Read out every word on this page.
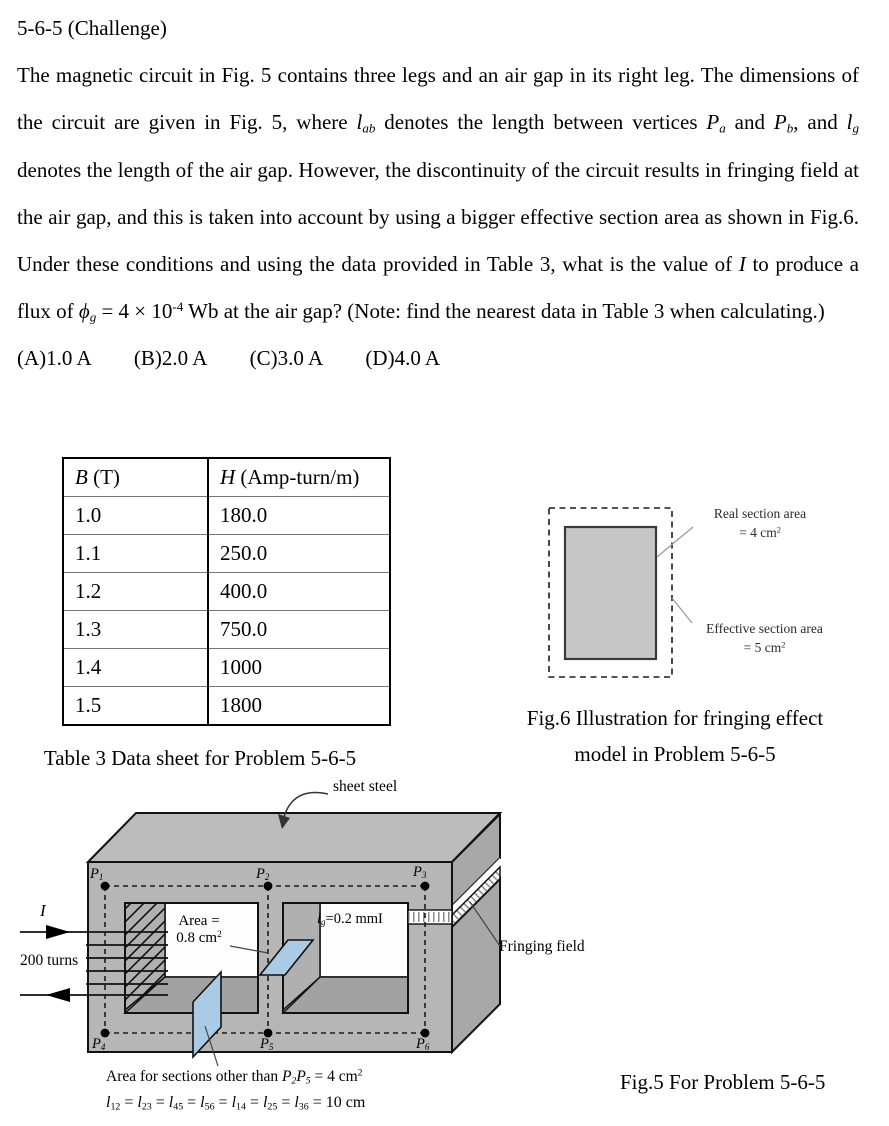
5-6-5 (Challenge)
The magnetic circuit in Fig. 5 contains three legs and an air gap in its right leg. The dimensions of the circuit are given in Fig. 5, where $l_{ab}$ denotes the length between vertices $P_a$ and $P_b$, and $l_g$ denotes the length of the air gap. However, the discontinuity of the circuit results in fringing field at the air gap, and this is taken into account by using a bigger effective section area as shown in Fig.6. Under these conditions and using the data provided in Table 3, what is the value of I to produce a flux of $\phi_g = 4 \times 10^{-4}$ Wb at the air gap? (Note: find the nearest data in Table 3 when calculating.)
(A)1.0 A (B)2.0 A (C)3.0 A (D)4.0 A
B (T)	H (Amp-turn/m)
1.0	180.0
1.1	250.0
1.2	400.0
1.3	750.0
1.4	1000
1.5	1800
Table 3 Data sheet for Problem 5-6-5
Real section area
= 4 $cm^2$
Effective section area
= 5 $cm^2$
Fig.6 Illustration for fringing effect
model in Problem 5-6-5
sheet steel
I
200 turns
Area =
0.8 $cm^2$
$l_g=0.2$ mmI
Fringing field
$P_1$	$P_2$	$P_3$
$P_4$	$P_5$	$P_6$
Area for sections other than $P_2P_5 = 4$ $cm^2$
$l_{12} = l_{23} = l_{45} = l_{56} = l_{14} = l_{25} = l_{36} = 10$ cm
Fig.5 For Problem 5-6-5
